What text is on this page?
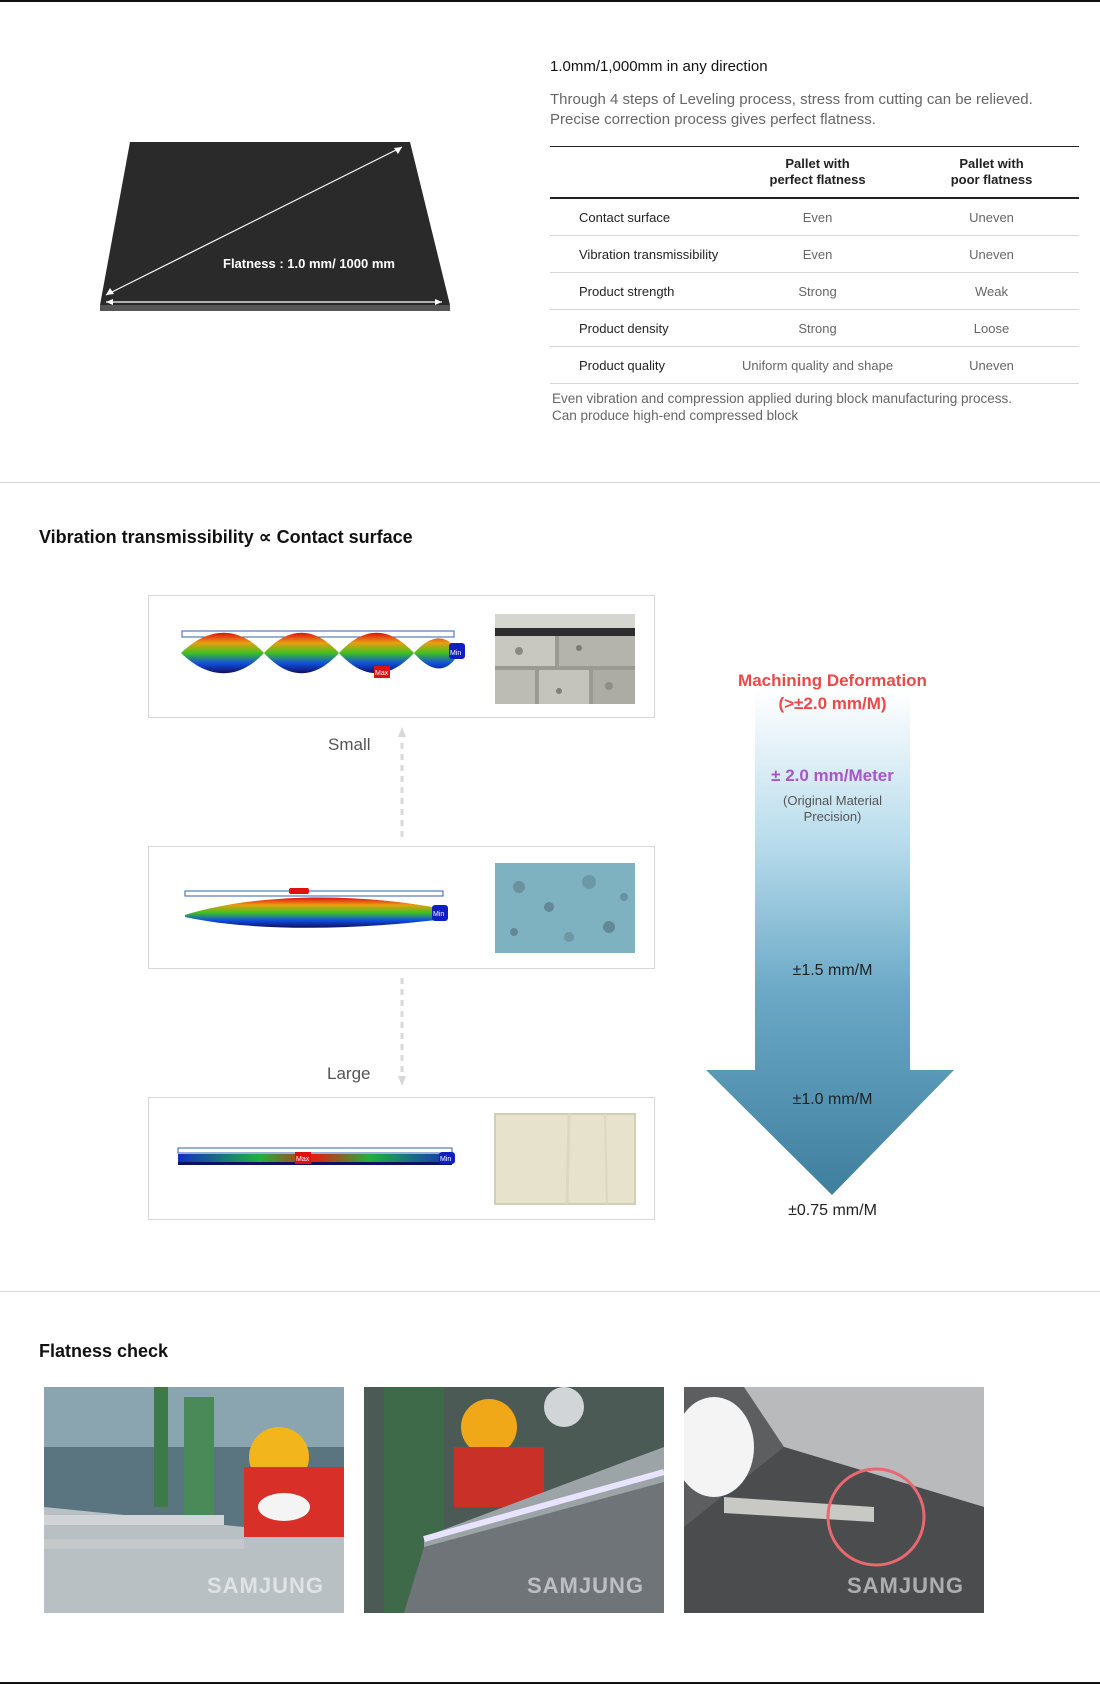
Flatness : 1.0 mm/ 1000 mm
1.0mm/1,000mm in any direction
Through 4 steps of Leveling process, stress from cutting can be relieved.
Precise correction process gives perfect flatness.

	Pallet with perfect flatness	Pallet with poor flatness

Contact surface	Even	Uneven
Vibration transmissibility	Even	Uneven
Product strength	Strong	Weak
Product density	Strong	Loose
Product quality	Uniform quality and shape	Uneven
Even vibration and compression applied during block manufacturing process.
Can produce high-end compressed block
Vibration transmissibility ∝ Contact surface
Min
Max
Small
Min
Large
Max	Min
Machining Deformation
(>±2.0 mm/M)
± 2.0 mm/Meter
(Original Material
Precision)
±1.5 mm/M
±1.0 mm/M
±0.75 mm/M
Flatness check
SAMJUNG	SAMJUNG	SAMJUNG
